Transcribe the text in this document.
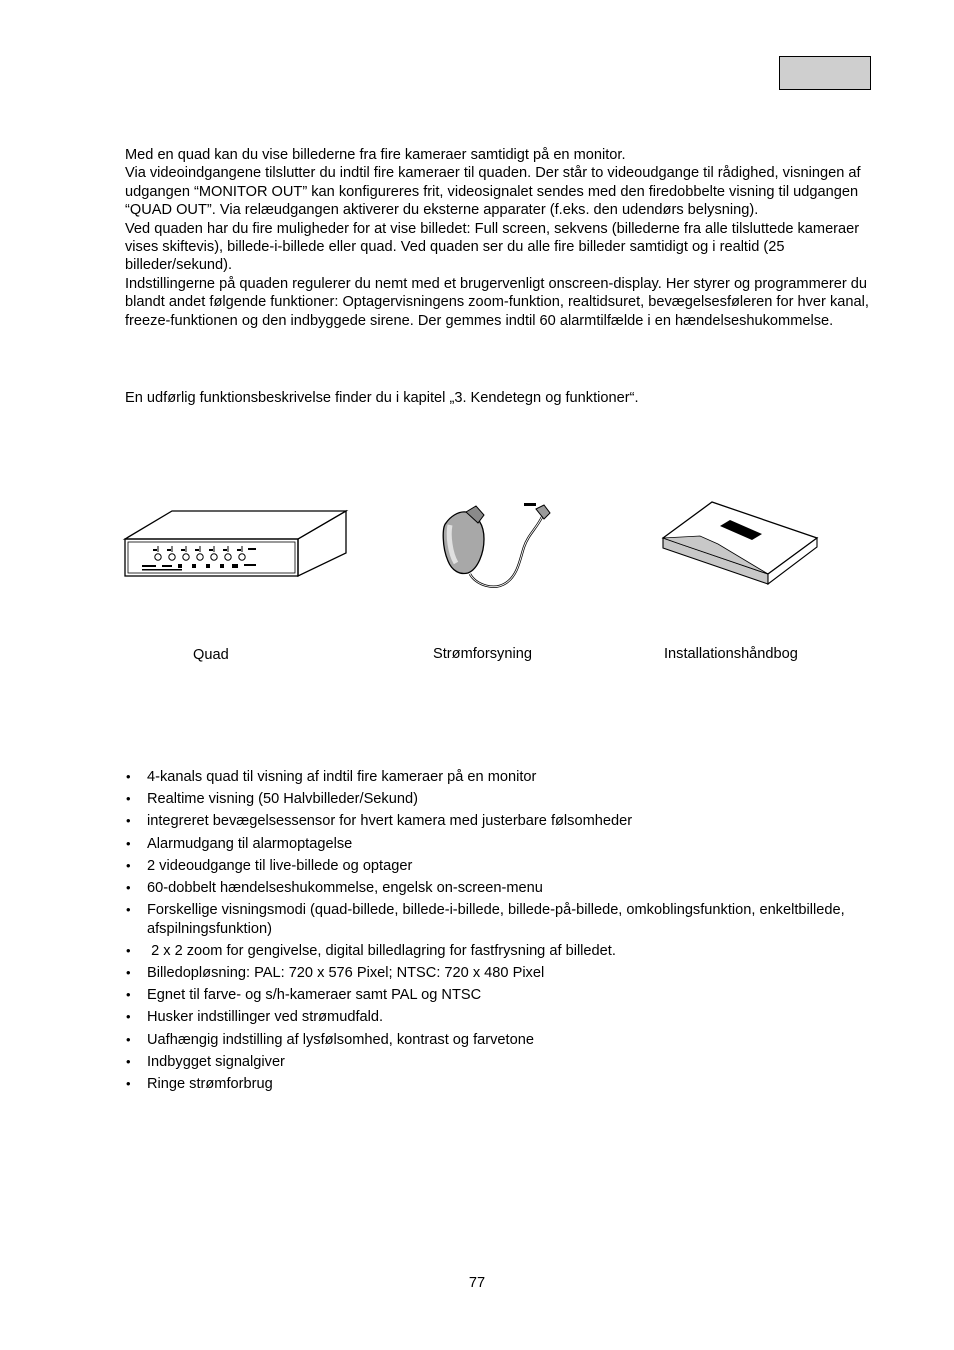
Med en quad kan du vise billederne fra fire kameraer samtidigt på en monitor.

Via videoindgangene tilslutter du indtil fire kameraer til quaden. Der står to videoudgange til rådighed, visningen af udgangen “MONITOR OUT” kan konfigureres frit, videosignalet sendes med den firedobbelte visning til udgangen “QUAD OUT”. Via relæudgangen aktiverer du eksterne apparater (f.eks. den udendørs belysning).

Ved quaden har du fire muligheder for at vise billedet: Full screen, sekvens (billederne fra alle tilsluttede kameraer vises skiftevis), billede-i-billede eller quad. Ved quaden ser du alle fire billeder samtidigt og i realtid (25 billeder/sekund).

Indstillingerne på quaden regulerer du nemt med et brugervenligt onscreen-display. Her styrer og programmerer du blandt andet følgende funktioner: Optagervisningens zoom-funktion, realtidsuret, bevægelsesføleren for hver kanal, freeze-funktionen og den indbyggede sirene. Der gemmes indtil 60 alarmtilfælde i en hændelseshukommelse.

En udførlig funktionsbeskrivelse finder du i kapitel „3. Kendetegn og funktioner“.

Quad	Strømforsyning	Installationshåndbog
• 4-kanals quad til visning af indtil fire kameraer på en monitor
• Realtime visning (50 Halvbilleder/Sekund)
• integreret bevægelsessensor for hvert kamera med justerbare følsomheder
• Alarmudgang til alarmoptagelse
• 2 videoudgange til live-billede og optager
• 60-dobbelt hændelseshukommelse, engelsk on-screen-menu
• Forskellige visningsmodi (quad-billede, billede-i-billede, billede-på-billede, omkoblingsfunktion, enkeltbillede, afspilningsfunktion)
•  2 x 2 zoom for gengivelse, digital billedlagring for fastfrysning af billedet.
• Billedopløsning: PAL: 720 x 576 Pixel; NTSC: 720 x 480 Pixel
• Egnet til farve- og s/h-kameraer samt PAL og NTSC
• Husker indstillinger ved strømudfald.
• Uafhængig indstilling af lysfølsomhed, kontrast og farvetone
• Indbygget signalgiver
• Ringe strømforbrug
77
